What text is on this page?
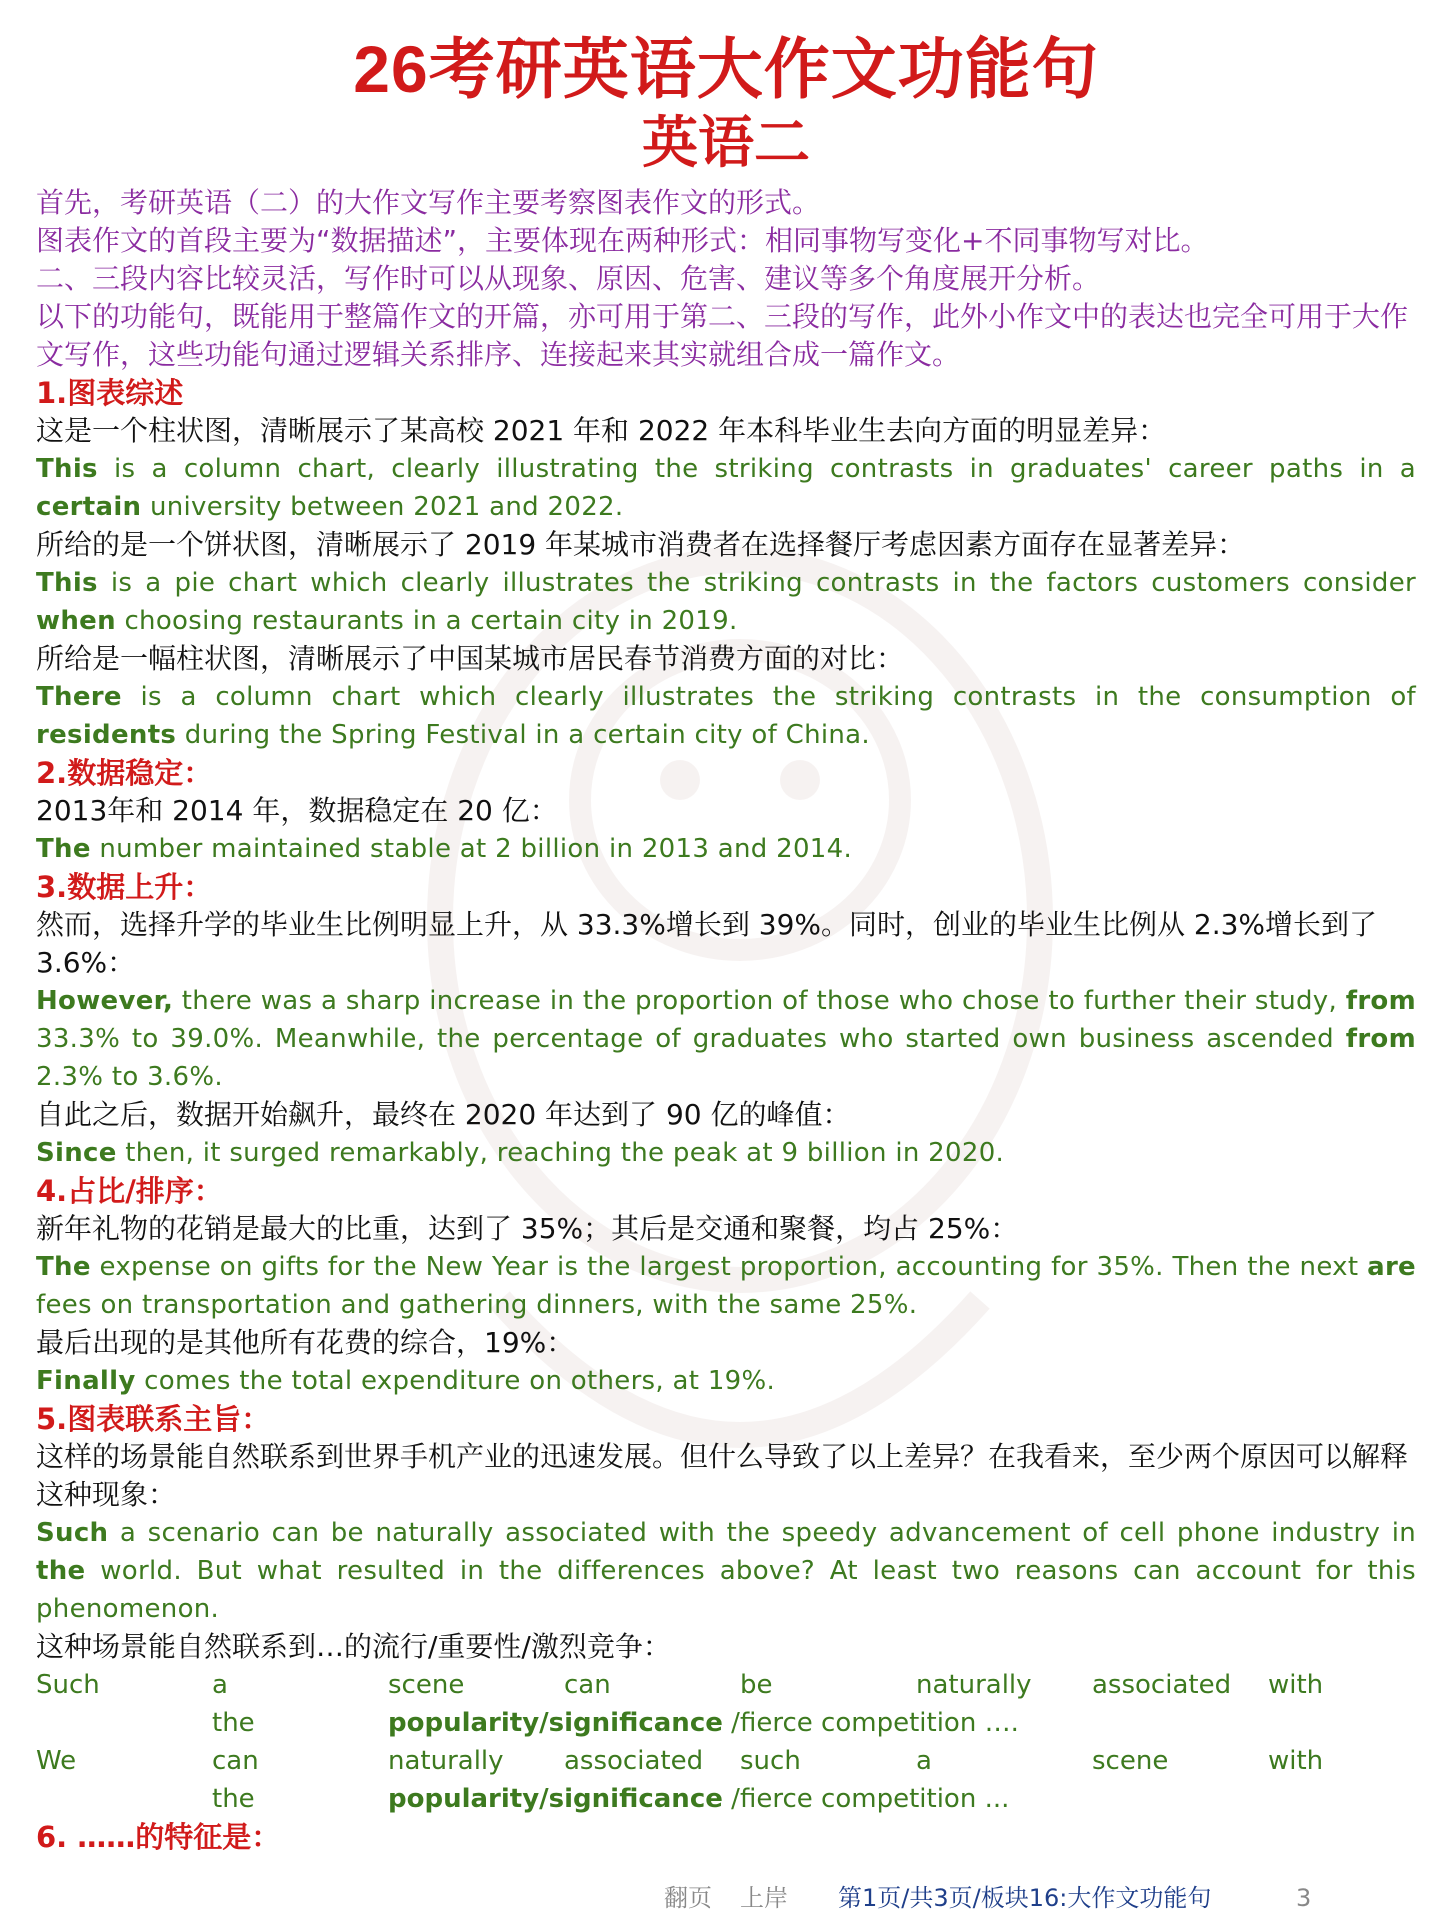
26考研英语大作文功能句
英语二

首先，考研英语（二）的大作文写作主要考察图表作文的形式。

图表作文的首段主要为“数据描述”，主要体现在两种形式：相同事物写变化+不同事物写对比。

二、三段内容比较灵活，写作时可以从现象、原因、危害、建议等多个角度展开分析。

以下的功能句，既能用于整篇作文的开篇，亦可用于第二、三段的写作，此外小作文中的表达也完全可用于大作文写作，这些功能句通过逻辑关系排序、连接起来其实就组合成一篇作文。

1.图表综述

这是一个柱状图，清晰展示了某高校 2021 年和 2022 年本科毕业生去向方面的明显差异：

This is a column chart, clearly illustrating the striking contrasts in graduates' career paths in a certain university between 2021 and 2022.

所给的是一个饼状图，清晰展示了 2019 年某城市消费者在选择餐厅考虑因素方面存在显著差异：

This is a pie chart which clearly illustrates the striking contrasts in the factors customers consider when choosing restaurants in a certain city in 2019.

所给是一幅柱状图，清晰展示了中国某城市居民春节消费方面的对比：

There is a column chart which clearly illustrates the striking contrasts in the consumption of residents during the Spring Festival in a certain city of China.

2.数据稳定：

2013年和 2014 年，数据稳定在 20 亿：

The number maintained stable at 2 billion in 2013 and 2014.

3.数据上升：

然而，选择升学的毕业生比例明显上升，从 33.3%增长到 39%。同时，创业的毕业生比例从 2.3%增长到了 3.6%：

However, there was a sharp increase in the proportion of those who chose to further their study, from 33.3% to 39.0%. Meanwhile, the percentage of graduates who started own business ascended from 2.3% to 3.6%.

自此之后，数据开始飙升，最终在 2020 年达到了 90 亿的峰值：

Since then, it surged remarkably, reaching the peak at 9 billion in 2020.

4.占比/排序：

新年礼物的花销是最大的比重，达到了 35%；其后是交通和聚餐，均占 25%：

The expense on gifts for the New Year is the largest proportion, accounting for 35%. Then the next are fees on transportation and gathering dinners, with the same 25%.

最后出现的是其他所有花费的综合，19%：

Finally comes the total expenditure on others, at 19%.

5.图表联系主旨：

这样的场景能自然联系到世界手机产业的迅速发展。但什么导致了以上差异？在我看来，至少两个原因可以解释这种现象：

Such a scenario can be naturally associated with the speedy advancement of cell phone industry in the world. But what resulted in the differences above? At least two reasons can account for this phenomenon.

这种场景能自然联系到…的流行/重要性/激烈竞争：

Such	a	scene	can	be	naturally	associated	with
the	popularity/significance / fierce competition ….
We	can	naturally	associated	such	a	scene	with
the	popularity/significance / fierce competition ...

6. ……的特征是：

翻页 上岸	第1页/共3页/板块16:大作文功能句	3
